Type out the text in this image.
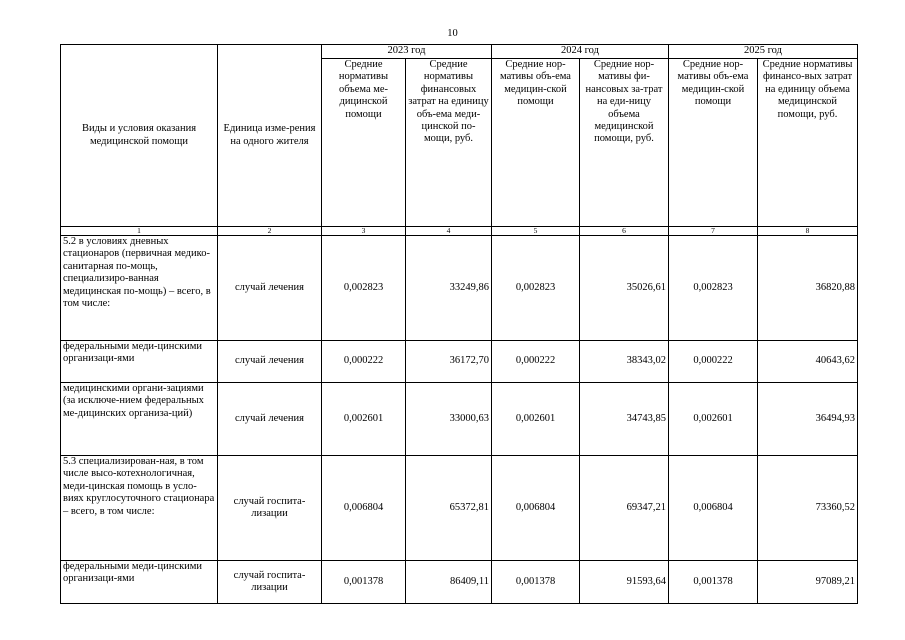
10
Виды и условия оказания медицинской помощи	Единица изме-рения на одного жителя	2023 год		2024 год		2025 год	
		Средние нормативы объема ме-дицинской помощи	Средние нормативы финансовых затрат на единицу объ-ема меди-цинской по-мощи, руб.	Средние нор-мативы объ-ема медицин-ской помощи	Средние нор-мативы фи-нансовых за-трат на еди-ницу объема медицинской помощи, руб.	Средние нор-мативы объ-ема медицин-ской помощи	Средние нормативы финансо-вых затрат на единицу объема медицинской помощи, руб.
1	2	3	4	5	6	7	8
5.2 в условиях дневных стационаров (первичная медико-санитарная по-мощь, специализиро-ванная медицинская по-мощь) – всего, в том числе:	случай лечения	0,002823	33249,86	0,002823	35026,61	0,002823	36820,88
федеральными меди-цинскими организаци-ями	случай лечения	0,000222	36172,70	0,000222	38343,02	0,000222	40643,62
медицинскими органи-зациями (за исключе-нием федеральных ме-дицинских организа-ций)	случай лечения	0,002601	33000,63	0,002601	34743,85	0,002601	36494,93
5.3 специализирован-ная, в том числе высо-котехнологичная, меди-цинская помощь в усло-виях круглосуточного стационара – всего, в том числе:	случай госпита-лизации	0,006804	65372,81	0,006804	69347,21	0,006804	73360,52
федеральными меди-цинскими организаци-ями	случай госпита-лизации	0,001378	86409,11	0,001378	91593,64	0,001378	97089,21
